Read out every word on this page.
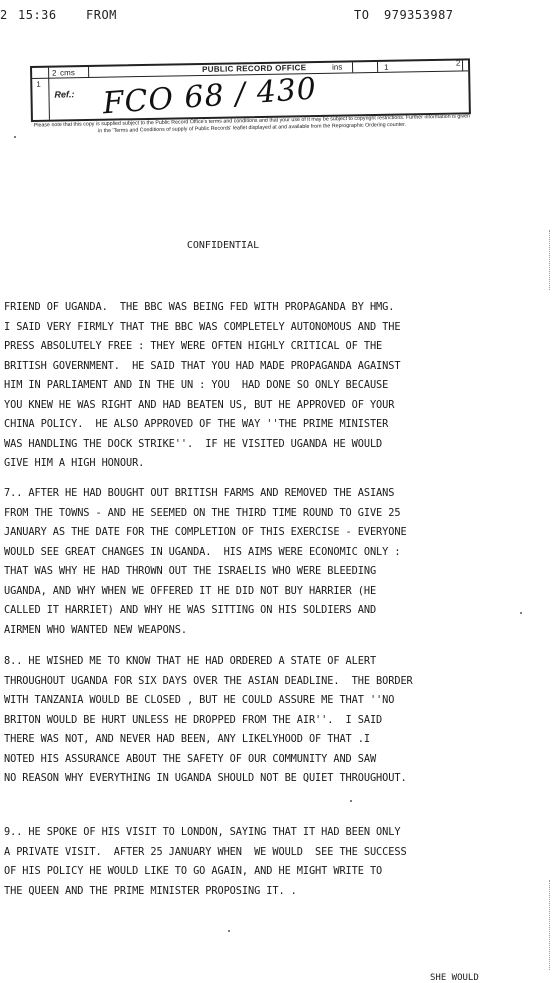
2 15:36 FROM	TO 979353987
1
2 cms	PUBLIC RECORD OFFICE	ins	1	2
Ref.: FCO 68 / 430
Please note that this copy is supplied subject to the Public Record Office's terms and conditions and that your use of it may be subject to copyright restrictions. Further information is given in the 'Terms and Conditions of supply of Public Records' leaflet displayed at and available from the Reprographic Ordering counter.
CONFIDENTIAL
FRIEND OF UGANDA.  THE BBC WAS BEING FED WITH PROPAGANDA BY HMG.
I SAID VERY FIRMLY THAT THE BBC WAS COMPLETELY AUTONOMOUS AND THE
PRESS ABSOLUTELY FREE : THEY WERE OFTEN HIGHLY CRITICAL OF THE
BRITISH GOVERNMENT.  HE SAID THAT YOU HAD MADE PROPAGANDA AGAINST
HIM IN PARLIAMENT AND IN THE UN : YOU  HAD DONE SO ONLY BECAUSE
YOU KNEW HE WAS RIGHT AND HAD BEATEN US, BUT HE APPROVED OF YOUR
CHINA POLICY.  HE ALSO APPROVED OF THE WAY ''THE PRIME MINISTER
WAS HANDLING THE DOCK STRIKE''.  IF HE VISITED UGANDA HE WOULD
GIVE HIM A HIGH HONOUR.
7.. AFTER HE HAD BOUGHT OUT BRITISH FARMS AND REMOVED THE ASIANS
FROM THE TOWNS - AND HE SEEMED ON THE THIRD TIME ROUND TO GIVE 25
JANUARY AS THE DATE FOR THE COMPLETION OF THIS EXERCISE - EVERYONE
WOULD SEE GREAT CHANGES IN UGANDA.  HIS AIMS WERE ECONOMIC ONLY :
THAT WAS WHY HE HAD THROWN OUT THE ISRAELIS WHO WERE BLEEDING
UGANDA, AND WHY WHEN WE OFFERED IT HE DID NOT BUY HARRIER (HE
CALLED IT HARRIET) AND WHY HE WAS SITTING ON HIS SOLDIERS AND
AIRMEN WHO WANTED NEW WEAPONS.
8.. HE WISHED ME TO KNOW THAT HE HAD ORDERED A STATE OF ALERT
THROUGHOUT UGANDA FOR SIX DAYS OVER THE ASIAN DEADLINE.  THE BORDER
WITH TANZANIA WOULD BE CLOSED , BUT HE COULD ASSURE ME THAT ''NO
BRITON WOULD BE HURT UNLESS HE DROPPED FROM THE AIR''.  I SAID
THERE WAS NOT, AND NEVER HAD BEEN, ANY LIKELYHOOD OF THAT .I
NOTED HIS ASSURANCE ABOUT THE SAFETY OF OUR COMMUNITY AND SAW
NO REASON WHY EVERYTHING IN UGANDA SHOULD NOT BE QUIET THROUGHOUT.
9.. HE SPOKE OF HIS VISIT TO LONDON, SAYING THAT IT HAD BEEN ONLY
A PRIVATE VISIT.  AFTER 25 JANUARY WHEN  WE WOULD  SEE THE SUCCESS
OF HIS POLICY HE WOULD LIKE TO GO AGAIN, AND HE MIGHT WRITE TO
THE QUEEN AND THE PRIME MINISTER PROPOSING IT. .
SHE WOULD
